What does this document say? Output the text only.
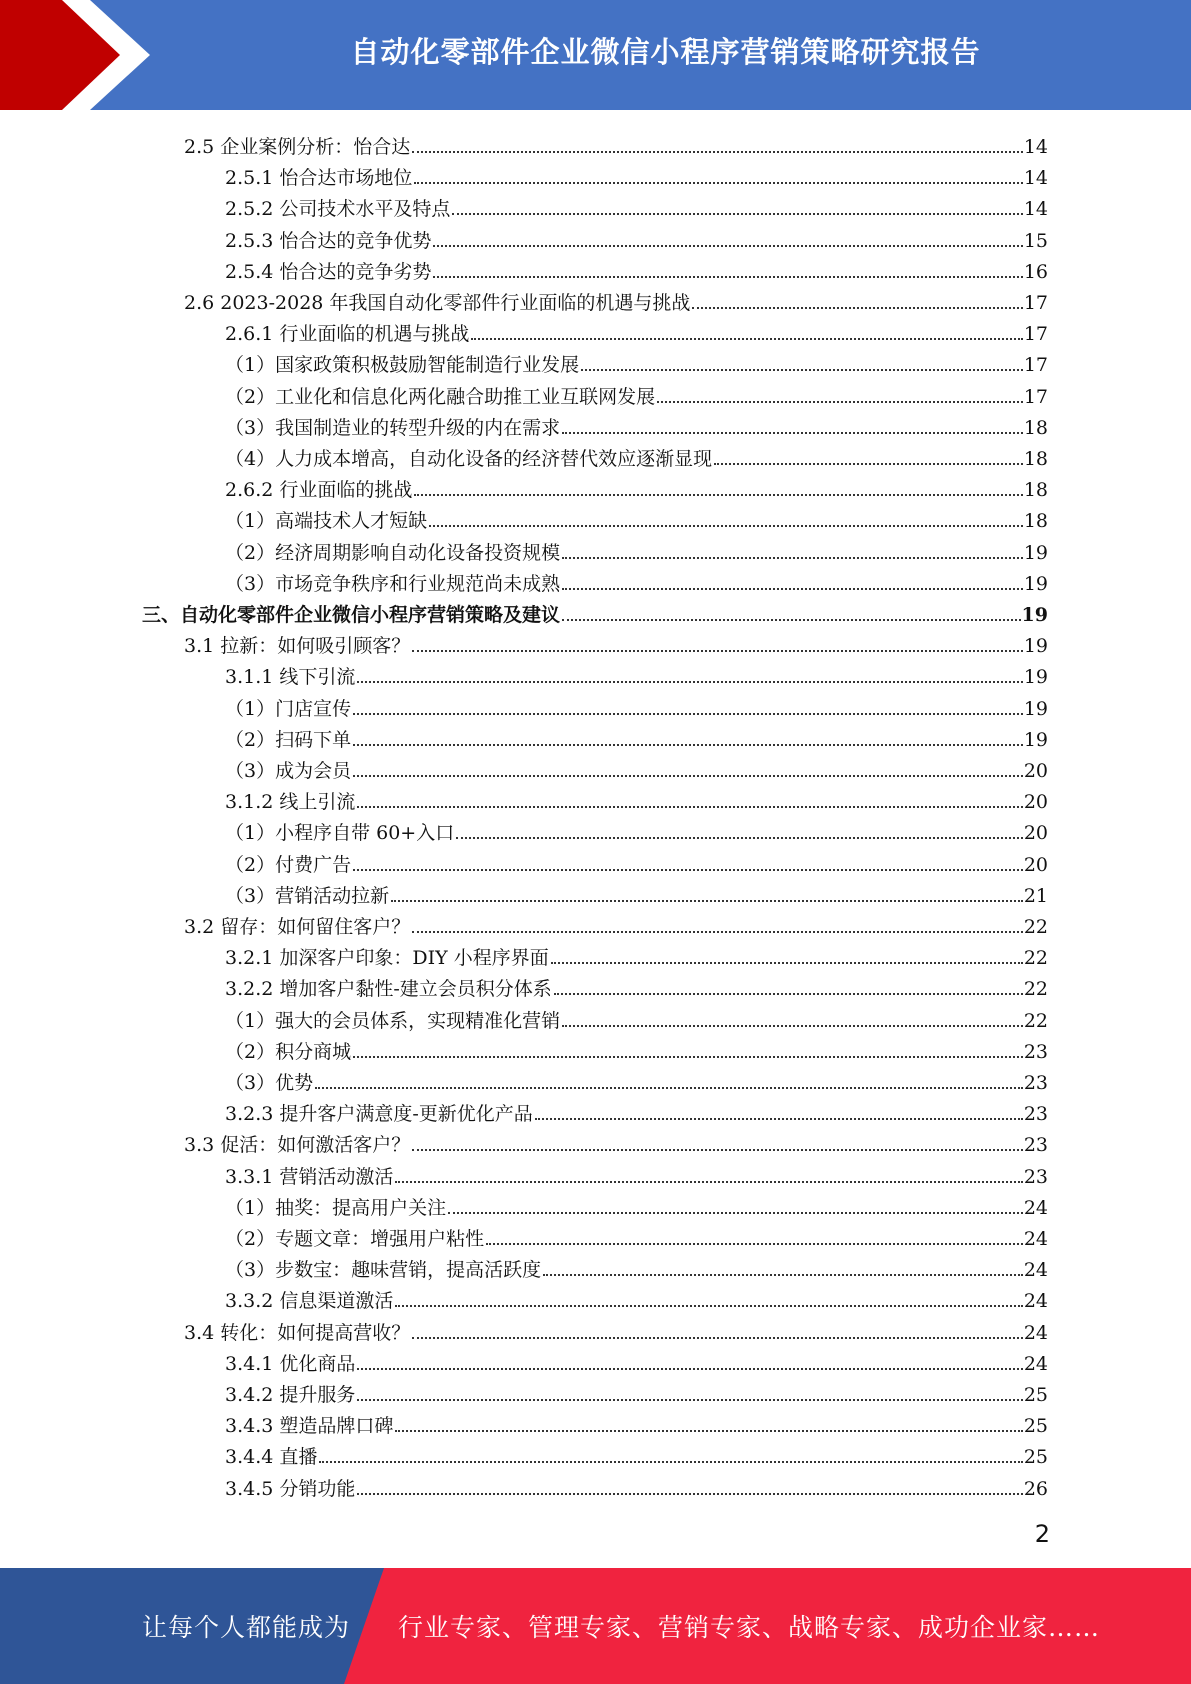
自动化零部件企业微信小程序营销策略研究报告
2.5 企业案例分析：怡合达	14
2.5.1 怡合达市场地位	14
2.5.2 公司技术水平及特点	14
2.5.3 怡合达的竞争优势	15
2.5.4 怡合达的竞争劣势	16
2.6 2023-2028 年我国自动化零部件行业面临的机遇与挑战	17
2.6.1 行业面临的机遇与挑战	17
（1）国家政策积极鼓励智能制造行业发展	17
（2）工业化和信息化两化融合助推工业互联网发展	17
（3）我国制造业的转型升级的内在需求	18
（4）人力成本增高，自动化设备的经济替代效应逐渐显现	18
2.6.2 行业面临的挑战	18
（1）高端技术人才短缺	18
（2）经济周期影响自动化设备投资规模	19
（3）市场竞争秩序和行业规范尚未成熟	19
三、自动化零部件企业微信小程序营销策略及建议	19
3.1 拉新：如何吸引顾客？	19
3.1.1 线下引流	19
（1）门店宣传	19
（2）扫码下单	19
（3）成为会员	20
3.1.2 线上引流	20
（1）小程序自带 60+入口	20
（2）付费广告	20
（3）营销活动拉新	21
3.2 留存：如何留住客户？	22
3.2.1 加深客户印象：DIY 小程序界面	22
3.2.2 增加客户黏性-建立会员积分体系	22
（1）强大的会员体系，实现精准化营销	22
（2）积分商城	23
（3）优势	23
3.2.3 提升客户满意度-更新优化产品	23
3.3 促活：如何激活客户？	23
3.3.1 营销活动激活	23
（1）抽奖：提高用户关注	24
（2）专题文章：增强用户粘性	24
（3）步数宝：趣味营销，提高活跃度	24
3.3.2 信息渠道激活	24
3.4 转化：如何提高营收？	24
3.4.1 优化商品	24
3.4.2 提升服务	25
3.4.3 塑造品牌口碑	25
3.4.4 直播	25
3.4.5 分销功能	26
2
让每个人都能成为 行业专家、管理专家、营销专家、战略专家、成功企业家……
